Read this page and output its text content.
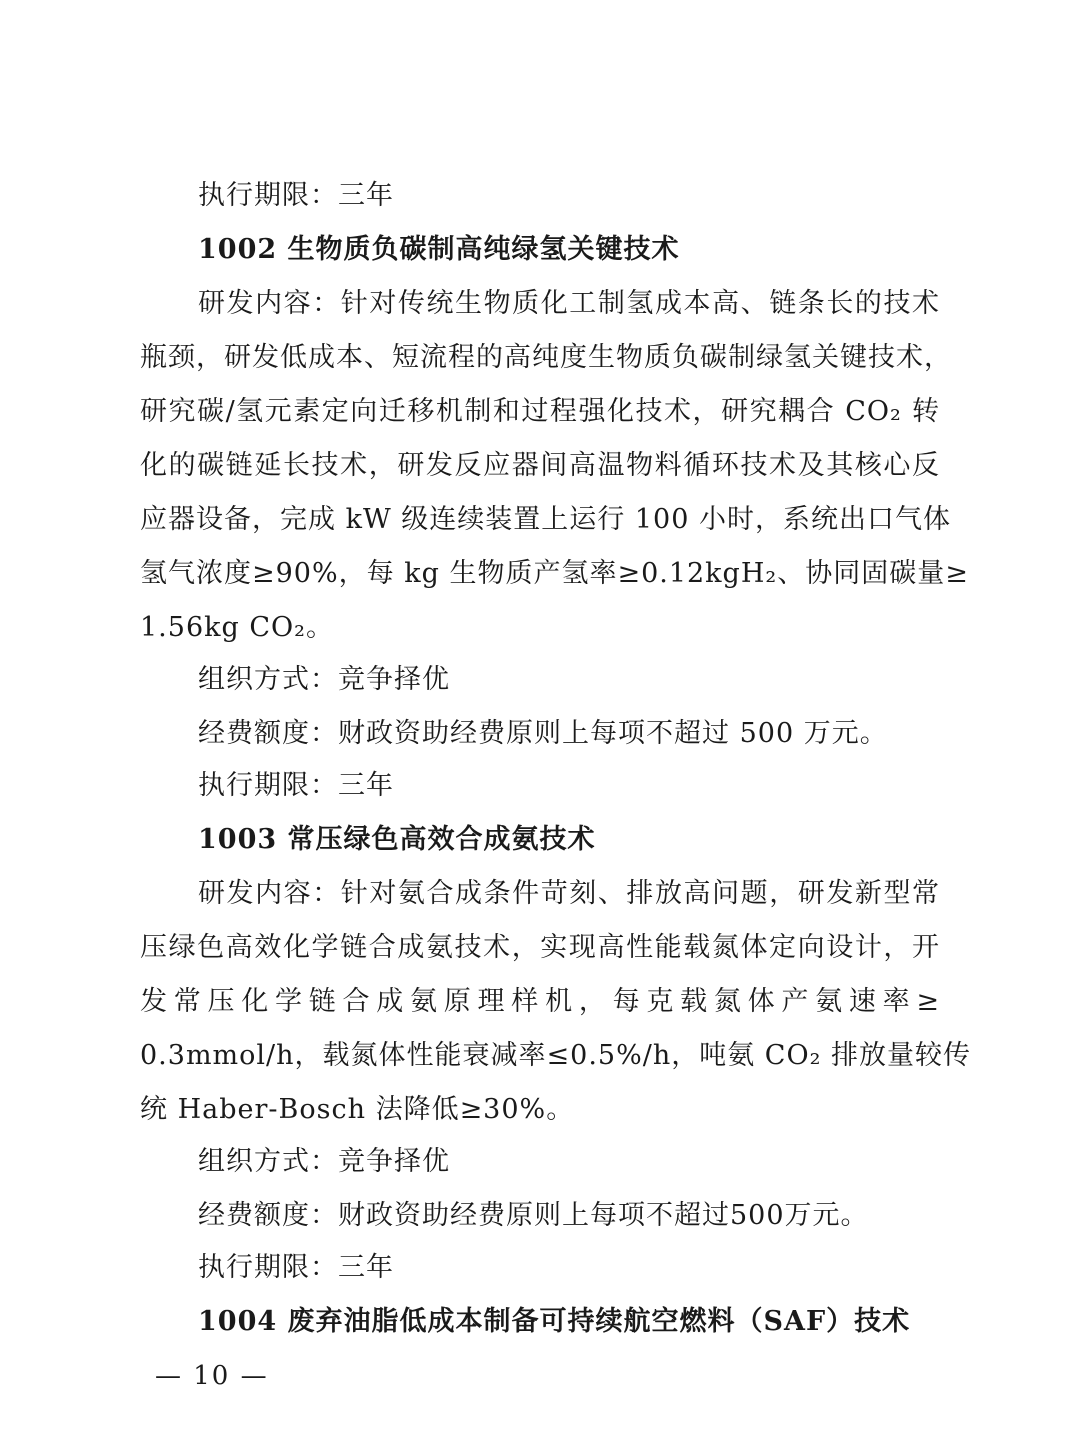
执行期限：三年
1002 生物质负碳制高纯绿氢关键技术
研发内容：针对传统生物质化工制氢成本高、链条长的技术
瓶颈，研发低成本、短流程的高纯度生物质负碳制绿氢关键技术，
研究碳/氢元素定向迁移机制和过程强化技术，研究耦合 CO₂ 转
化的碳链延长技术，研发反应器间高温物料循环技术及其核心反
应器设备，完成 kW 级连续装置上运行 100 小时，系统出口气体
氢气浓度≥90%，每 kg 生物质产氢率≥0.12kgH₂、协同固碳量≥
1.56kg CO₂。
组织方式：竞争择优
经费额度：财政资助经费原则上每项不超过 500 万元。
执行期限：三年
1003 常压绿色高效合成氨技术
研发内容：针对氨合成条件苛刻、排放高问题，研发新型常
压绿色高效化学链合成氨技术，实现高性能载氮体定向设计，开
发常压化学链合成氨原理样机，每克载氮体产氨速率≥
0.3mmol/h，载氮体性能衰减率≤0.5%/h，吨氨 CO₂ 排放量较传
统 Haber-Bosch 法降低≥30%。
组织方式：竞争择优
经费额度：财政资助经费原则上每项不超过500万元。
执行期限：三年
1004 废弃油脂低成本制备可持续航空燃料（SAF）技术
— 10 —
